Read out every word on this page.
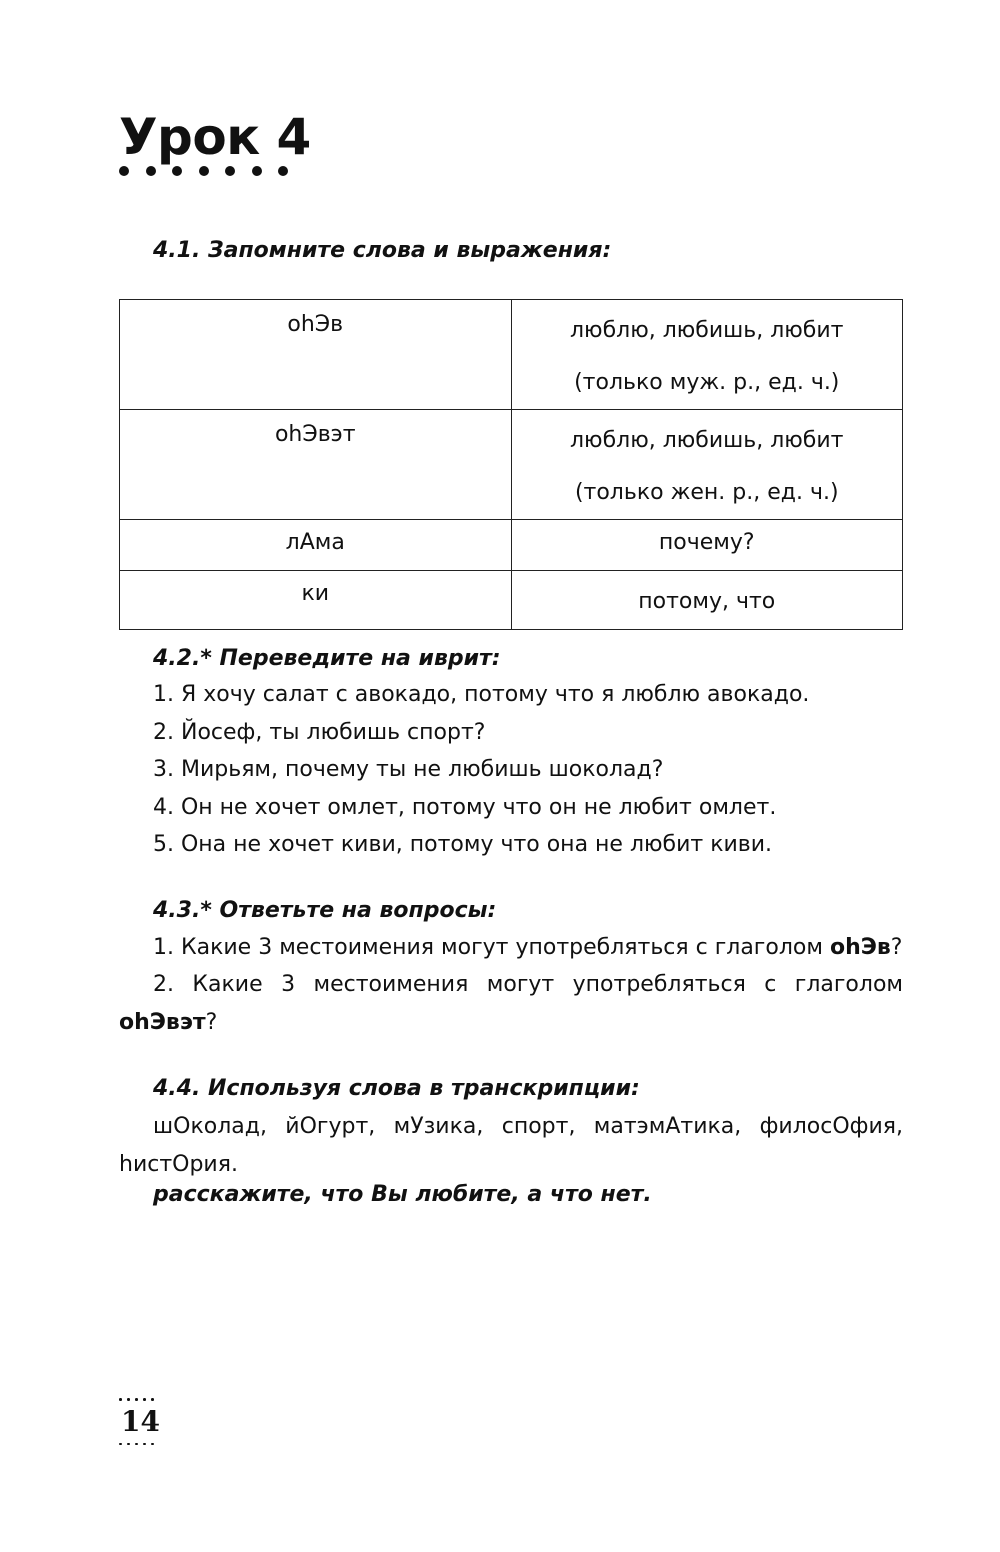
Урок 4
4.1. Запомните слова и выражения:
оhЭв	люблю, любишь, любит
(только муж. р., ед. ч.)

оhЭвэт	люблю, любишь, любит
(только жен. р., ед. ч.)

лАма	почему?
ки	потому, что
4.2.* Переведите на иврит:
1. Я хочу салат с авокадо, потому что я люблю авокадо.
2. Йосеф, ты любишь спорт?
3. Мирьям, почему ты не любишь шоколад?
4. Он не хочет омлет, потому что он не любит омлет.
5. Она не хочет киви, потому что она не любит киви.
4.3.* Ответьте на вопросы:

1. Какие 3 местоимения могут употребляться с глаголом оhЭв?

2. Какие 3 местоимения могут употребляться с глаголом оhЭвэт?

4.4. Используя слова в транскрипции:

шОколад, йОгурт, мУзика, спорт, матэмАтика, филосОфия, hистОрия.

расскажите, что Вы любите, а что нет.

14
